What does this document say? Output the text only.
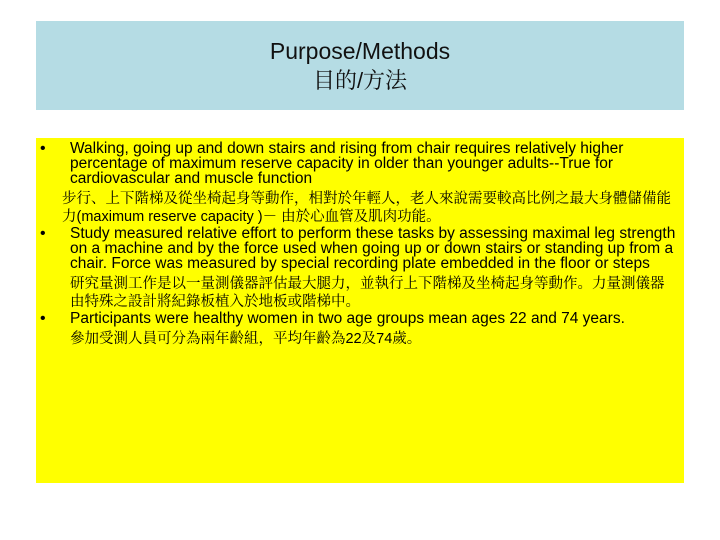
Purpose/Methods
目的/方法
• Walking, going up and down stairs and rising from chair requires relatively higher percentage of maximum reserve capacity in older than younger adults--True for cardiovascular and muscle function
步行、上下階梯及從坐椅起身等動作，相對於年輕人，老人來說需要較高比例之最大身體儲備能力(maximum reserve capacity )－ 由於心血管及肌肉功能。
• Study measured relative effort to perform these tasks by assessing maximal leg strength on a machine and by the force used when going up or down stairs or standing up from a chair. Force was measured by special recording plate embedded in the floor or steps
研究量測工作是以一量測儀器評估最大腿力，並執行上下階梯及坐椅起身等動作。力量測儀器由特殊之設計將紀錄板植入於地板或階梯中。
• Participants were healthy women in two age groups mean ages 22 and 74 years.
參加受測人員可分為兩年齡組，平均年齡為22及74歲。
